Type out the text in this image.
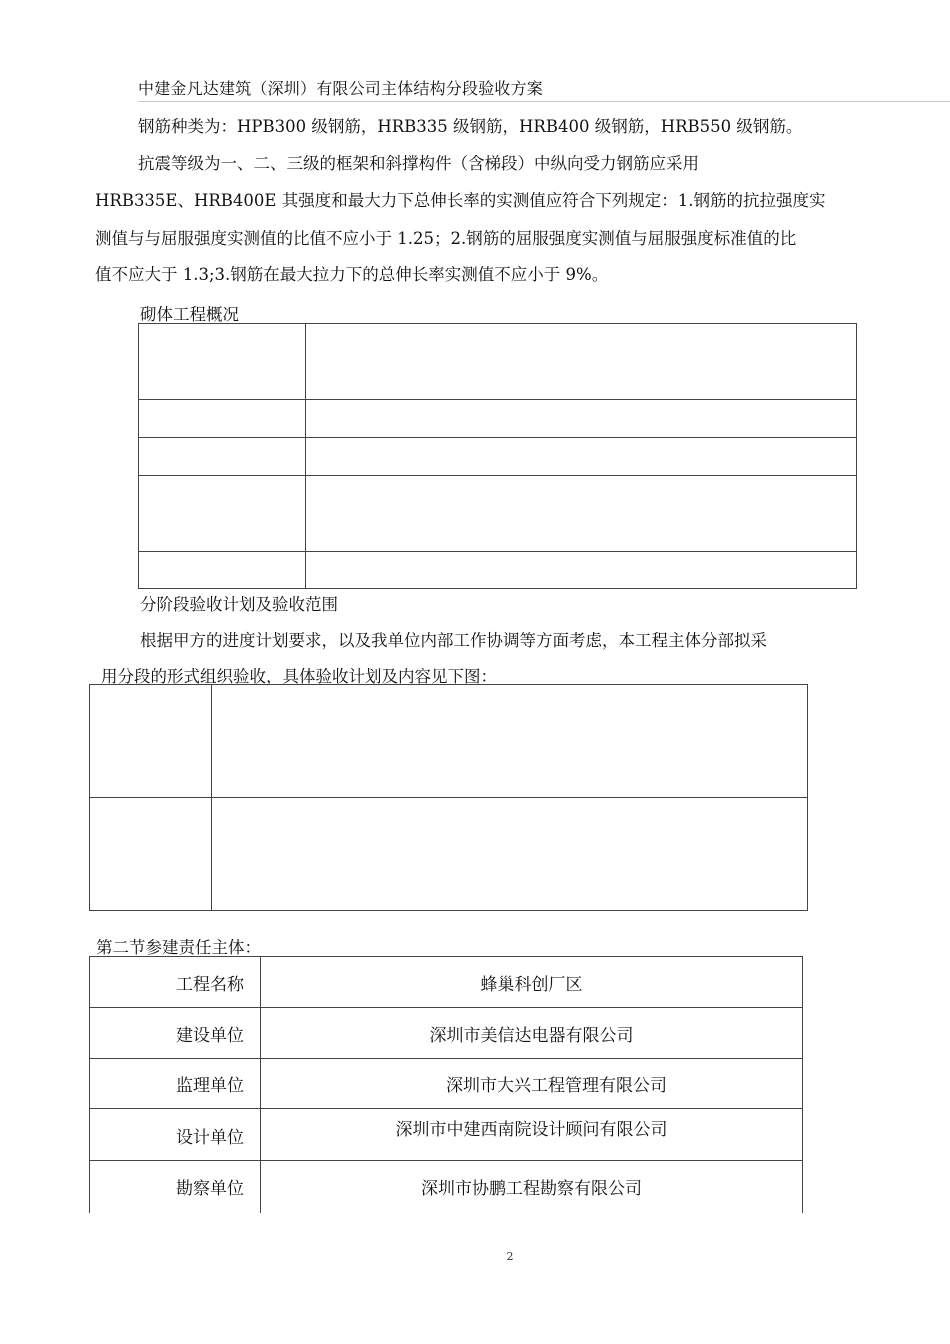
中建金凡达建筑（深圳）有限公司主体结构分段验收方案
钢筋种类为：HPB300 级钢筋，HRB335 级钢筋，HRB400 级钢筋，HRB550 级钢筋。
抗震等级为一、二、三级的框架和斜撑构件（含梯段）中纵向受力钢筋应采用
HRB335E、HRB400E 其强度和最大力下总伸长率的实测值应符合下列规定：1.钢筋的抗拉强度实
测值与与屈服强度实测值的比值不应小于 1.25；2.钢筋的屈服强度实测值与屈服强度标准值的比
值不应大于 1.3;3.钢筋在最大拉力下的总伸长率实测值不应小于 9%。
砌体工程概况

分阶段验收计划及验收范围
根据甲方的进度计划要求，以及我单位内部工作协调等方面考虑，本工程主体分部拟采
用分段的形式组织验收，具体验收计划及内容见下图：

第二节参建责任主体：
工程名称	蜂巢科创厂区
建设单位	深圳市美信达电器有限公司
监理单位	深圳市大兴工程管理有限公司
设计单位	深圳市中建西南院设计顾问有限公司
勘察单位	深圳市协鹏工程勘察有限公司
2
